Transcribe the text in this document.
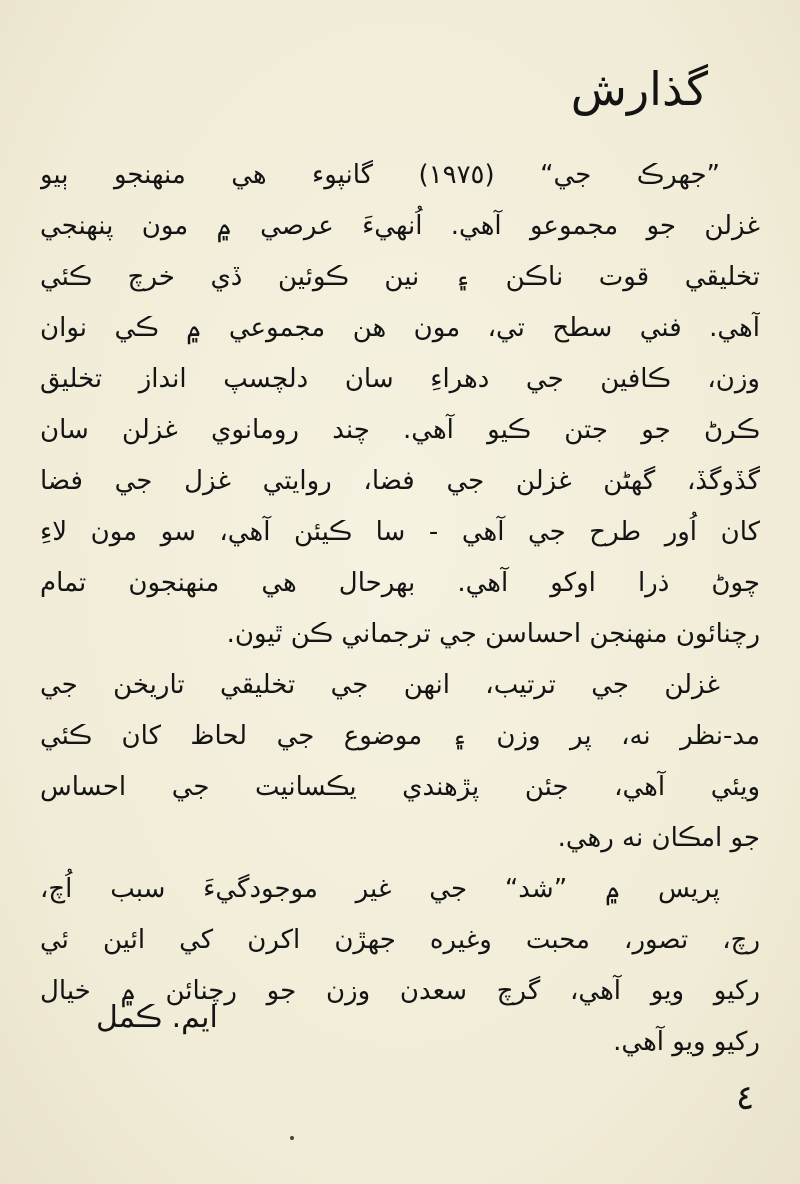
گذارش
”جهرڪ جي“ (١٩٧٥) گانپوء هي منهنجو ٻيو
غزلن جو مجموعو آهي. اُنهيءَ عرصي ۾ مون پنهنجي
تخليقي قوت ناڪن ۽ نين ڪوئين ڏي خرچ ڪئي
آهي. فني سطح تي، مون هن مجموعي ۾ ڪي نوان
وزن، ڪافين جي دهراءِ سان دلچسپ انداز تخليق
ڪرڻ جو جتن ڪيو آهي. چند رومانوي غزلن سان
گڏوگڏ، گهڻن غزلن جي فضا، روايتي غزل جي فضا
کان اُور طرح جي آهي - سا ڪيئن آهي، سو مون لاءِ
چوڻ ذرا اوکو آهي. بهرحال هي منهنجون تمام
رچنائون منهنجن احساسن جي ترجماني ڪن ٿيون.
غزلن جي ترتيب، انهن جي تخليقي تاريخن جي
مد-نظر نه، پر وزن ۽ موضوع جي لحاظ کان ڪئي
ويئي آهي، جئن پڙهندي يڪسانيت جي احساس
جو امڪان نه رهي.
پريس ۾ ”شد“ جي غير موجودگيءَ سبب اُچ،
رچ، تصور، محبت وغيره جهڙن اکرن کي ائين ئي
رکيو ويو آهي، گرچ سعدن وزن جو رچنائن ۾ خيال
رکيو ويو آهي.
ايم. ڪمل
٤
